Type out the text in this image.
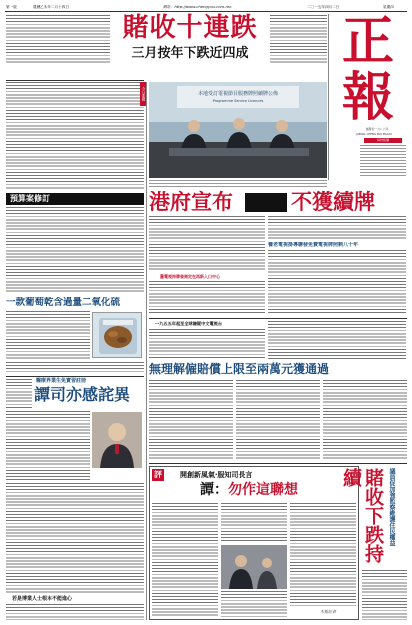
第一版	農曆乙未年二月十四日	網址：http://www.chengyou.com.mo	二〇一五年四月二日	星期四
賭收十連跌
三月按年下跌近四成	正
報
創辦於一九八六年
JORNAL CHENG PAO MACAU
每份售價
今日要聞
預算案修訂
一款葡萄乾含過量二氧化硫
醫療界業生免實習註冊
譚司亦感詫異
若是博業人士根本不能進心
本地受訂電視節目服務牌照續牌公佈
Programme Service Licences
港府宣布	不獲續牌
養老電視掛導聯發免費電視牌照剩八十年
舊電視持牌發商定在再新入口中心
一九五五年起至全球嫌疑中文電視台
無理解僱賠償上限至兩萬元獲通過
評	開創新風氣‧服知司長言
譚：勿作這聯想
本報記者
賭收下跌持續	議員促加強監察維護住民權益
